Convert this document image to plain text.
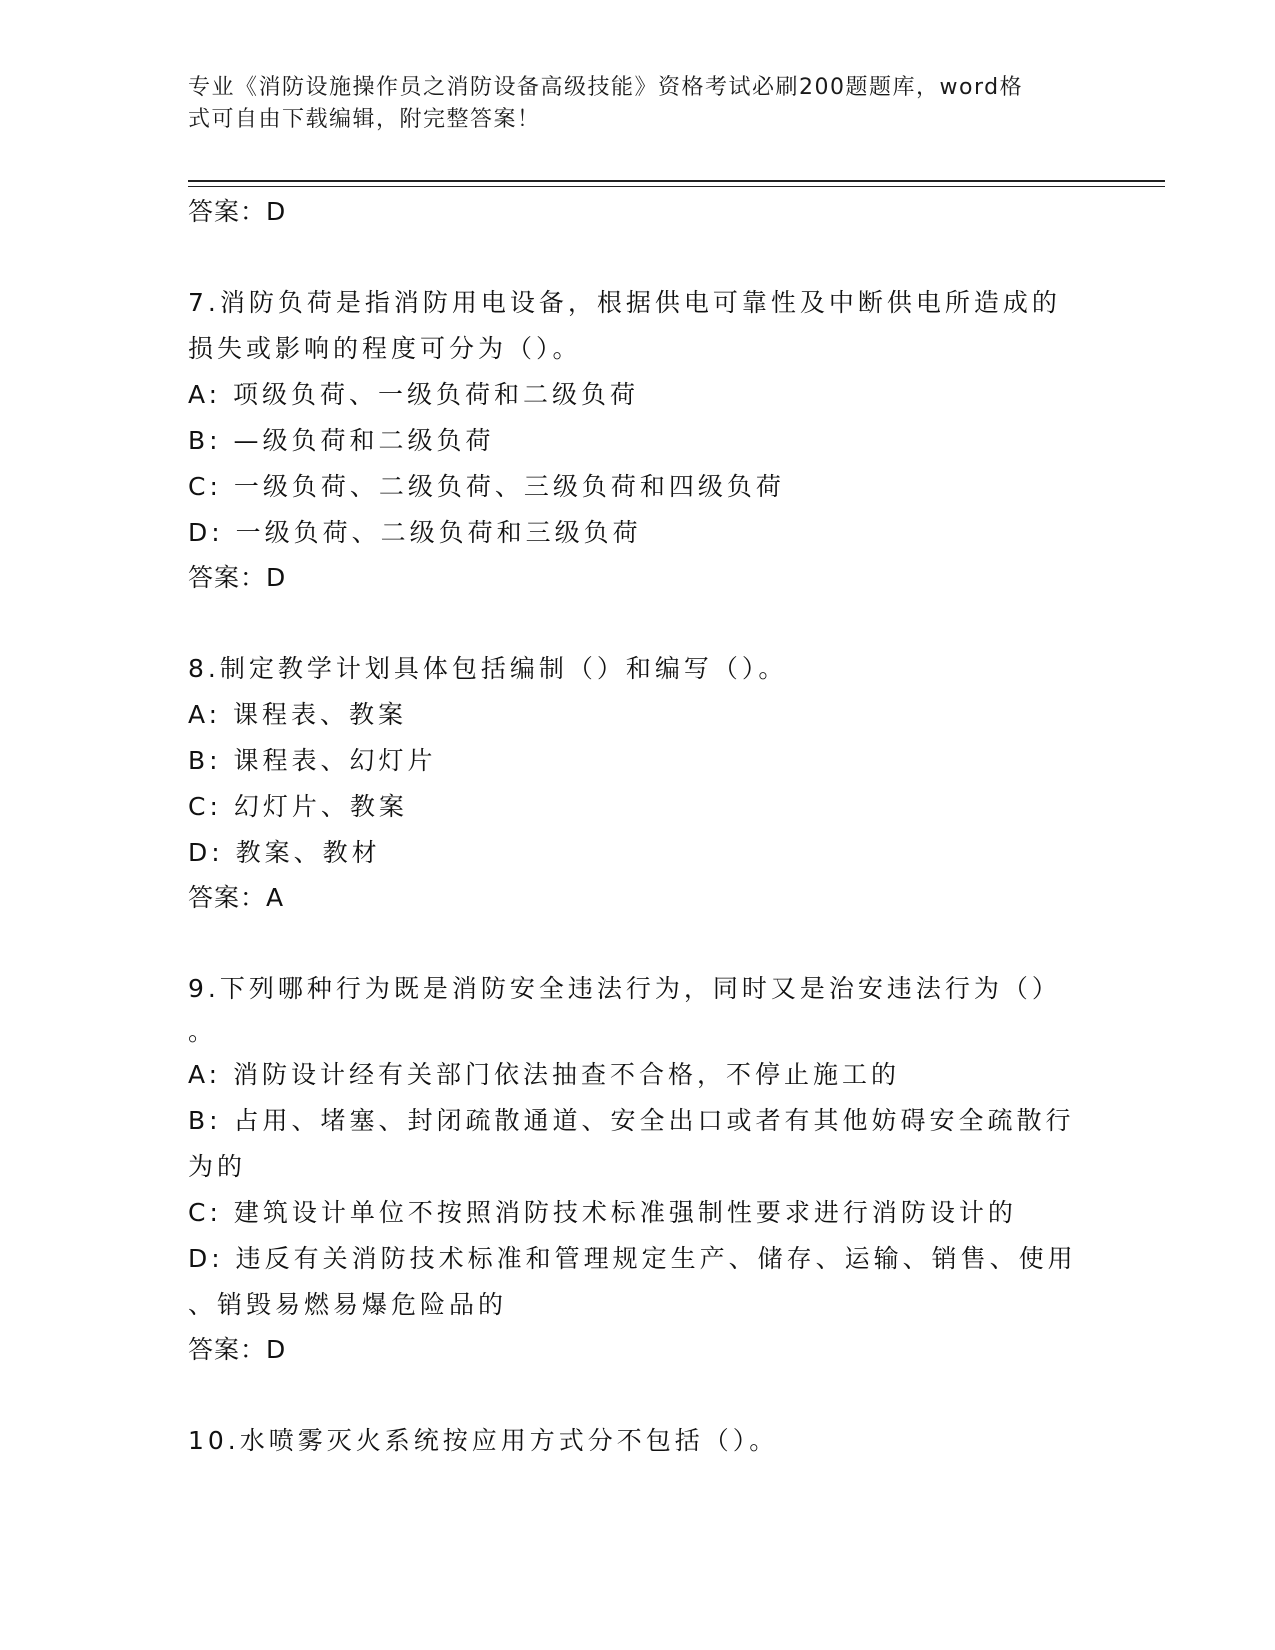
专业《消防设施操作员之消防设备高级技能》资格考试必刷200题题库，word格
式可自由下载编辑，附完整答案！
答案：D
7.消防负荷是指消防用电设备，根据供电可靠性及中断供电所造成的
损失或影响的程度可分为（）。
A: 项级负荷、一级负荷和二级负荷
B: —级负荷和二级负荷
C: 一级负荷、二级负荷、三级负荷和四级负荷
D: 一级负荷、二级负荷和三级负荷
答案：D
8.制定教学计划具体包括编制（）和编写（）。
A: 课程表、教案
B: 课程表、幻灯片
C: 幻灯片、教案
D: 教案、教材
答案：A
9.下列哪种行为既是消防安全违法行为，同时又是治安违法行为（）
。
A: 消防设计经有关部门依法抽查不合格，不停止施工的
B: 占用、堵塞、封闭疏散通道、安全出口或者有其他妨碍安全疏散行
为的
C: 建筑设计单位不按照消防技术标准强制性要求进行消防设计的
D: 违反有关消防技术标准和管理规定生产、储存、运输、销售、使用
、销毁易燃易爆危险品的
答案：D
10.水喷雾灭火系统按应用方式分不包括（）。
